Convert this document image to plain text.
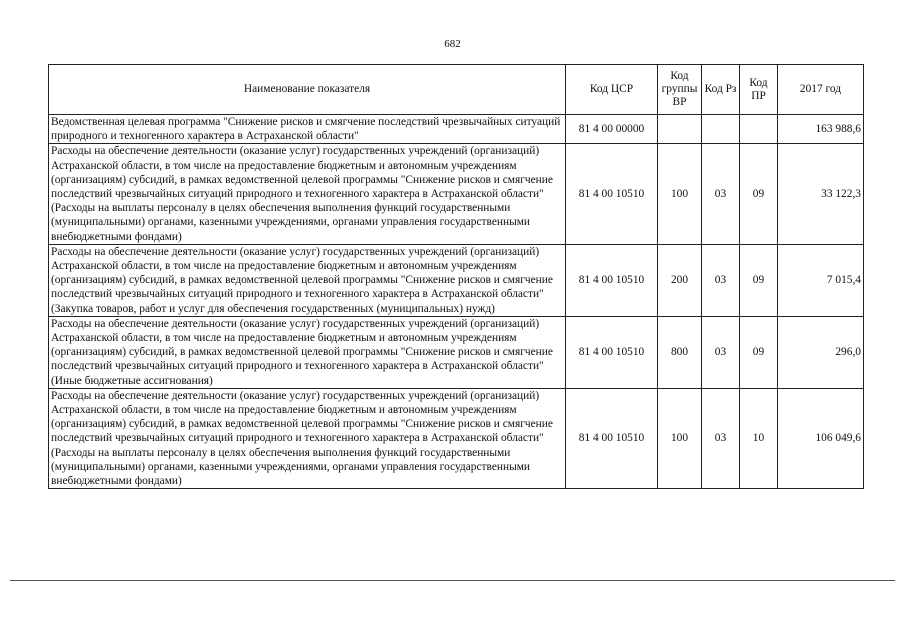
682
Наименование показателя	Код ЦСР	Код группы ВР	Код Рз	Код ПР	2017 год
Ведомственная целевая программа "Снижение рисков и смягчение последствий чрезвычайных ситуаций природного и техногенного характера в Астраханской области"	81 4 00 00000				163 988,6
Расходы на обеспечение деятельности (оказание услуг) государственных учреждений (организаций) Астраханской области, в том числе на предоставление бюджетным и автономным учреждениям (организациям) субсидий, в рамках ведомственной целевой программы "Снижение рисков и смягчение последствий чрезвычайных ситуаций природного и техногенного характера в Астраханской области" (Расходы на выплаты персоналу в целях обеспечения выполнения функций государственными (муниципальными) органами, казенными учреждениями, органами управления государственными внебюджетными фондами)	81 4 00 10510	100	03	09	33 122,3
Расходы на обеспечение деятельности (оказание услуг) государственных учреждений (организаций) Астраханской области, в том числе на предоставление бюджетным и автономным учреждениям (организациям) субсидий, в рамках ведомственной целевой программы "Снижение рисков и смягчение последствий чрезвычайных ситуаций природного и техногенного характера в Астраханской области" (Закупка товаров, работ и услуг для обеспечения государственных (муниципальных) нужд)	81 4 00 10510	200	03	09	7 015,4
Расходы на обеспечение деятельности (оказание услуг) государственных учреждений (организаций) Астраханской области, в том числе на предоставление бюджетным и автономным учреждениям (организациям) субсидий, в рамках ведомственной целевой программы "Снижение рисков и смягчение последствий чрезвычайных ситуаций природного и техногенного характера в Астраханской области" (Иные бюджетные ассигнования)	81 4 00 10510	800	03	09	296,0
Расходы на обеспечение деятельности (оказание услуг) государственных учреждений (организаций) Астраханской области, в том числе на предоставление бюджетным и автономным учреждениям (организациям) субсидий, в рамках ведомственной целевой программы "Снижение рисков и смягчение последствий чрезвычайных ситуаций природного и техногенного характера в Астраханской области" (Расходы на выплаты персоналу в целях обеспечения выполнения функций государственными (муниципальными) органами, казенными учреждениями, органами управления государственными внебюджетными фондами)	81 4 00 10510	100	03	10	106 049,6
